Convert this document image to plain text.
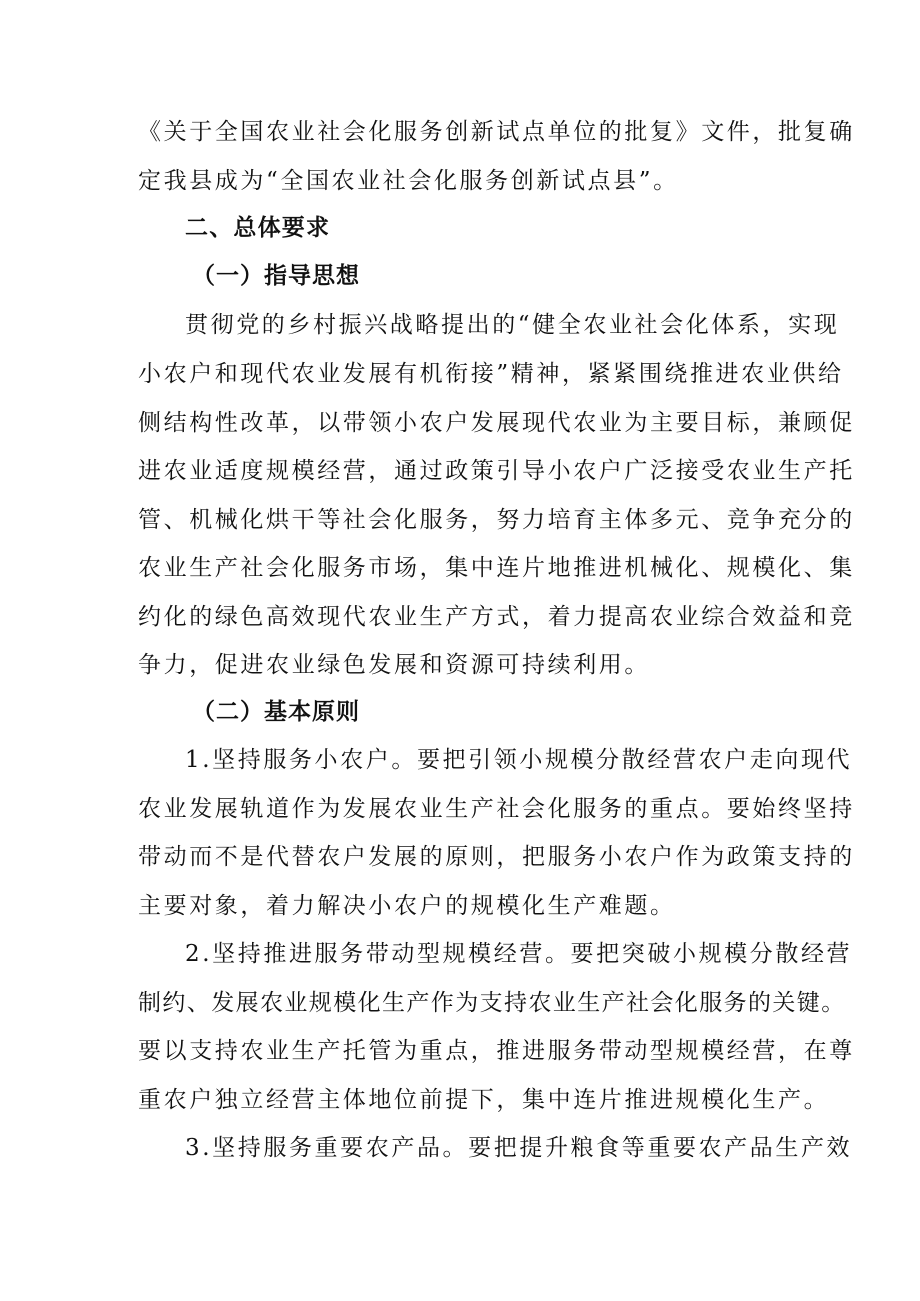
《关于全国农业社会化服务创新试点单位的批复》文件，批复确
定我县成为“全国农业社会化服务创新试点县”。
二、总体要求
（一）指导思想
贯彻党的乡村振兴战略提出的“健全农业社会化体系，实现
小农户和现代农业发展有机衔接”精神，紧紧围绕推进农业供给
侧结构性改革，以带领小农户发展现代农业为主要目标，兼顾促
进农业适度规模经营，通过政策引导小农户广泛接受农业生产托
管、机械化烘干等社会化服务，努力培育主体多元、竞争充分的
农业生产社会化服务市场，集中连片地推进机械化、规模化、集
约化的绿色高效现代农业生产方式，着力提高农业综合效益和竞
争力，促进农业绿色发展和资源可持续利用。
（二）基本原则
1.坚持服务小农户。要把引领小规模分散经营农户走向现代
农业发展轨道作为发展农业生产社会化服务的重点。要始终坚持
带动而不是代替农户发展的原则，把服务小农户作为政策支持的
主要对象，着力解决小农户的规模化生产难题。
2.坚持推进服务带动型规模经营。要把突破小规模分散经营
制约、发展农业规模化生产作为支持农业生产社会化服务的关键。
要以支持农业生产托管为重点，推进服务带动型规模经营，在尊
重农户独立经营主体地位前提下，集中连片推进规模化生产。
3.坚持服务重要农产品。要把提升粮食等重要农产品生产效
